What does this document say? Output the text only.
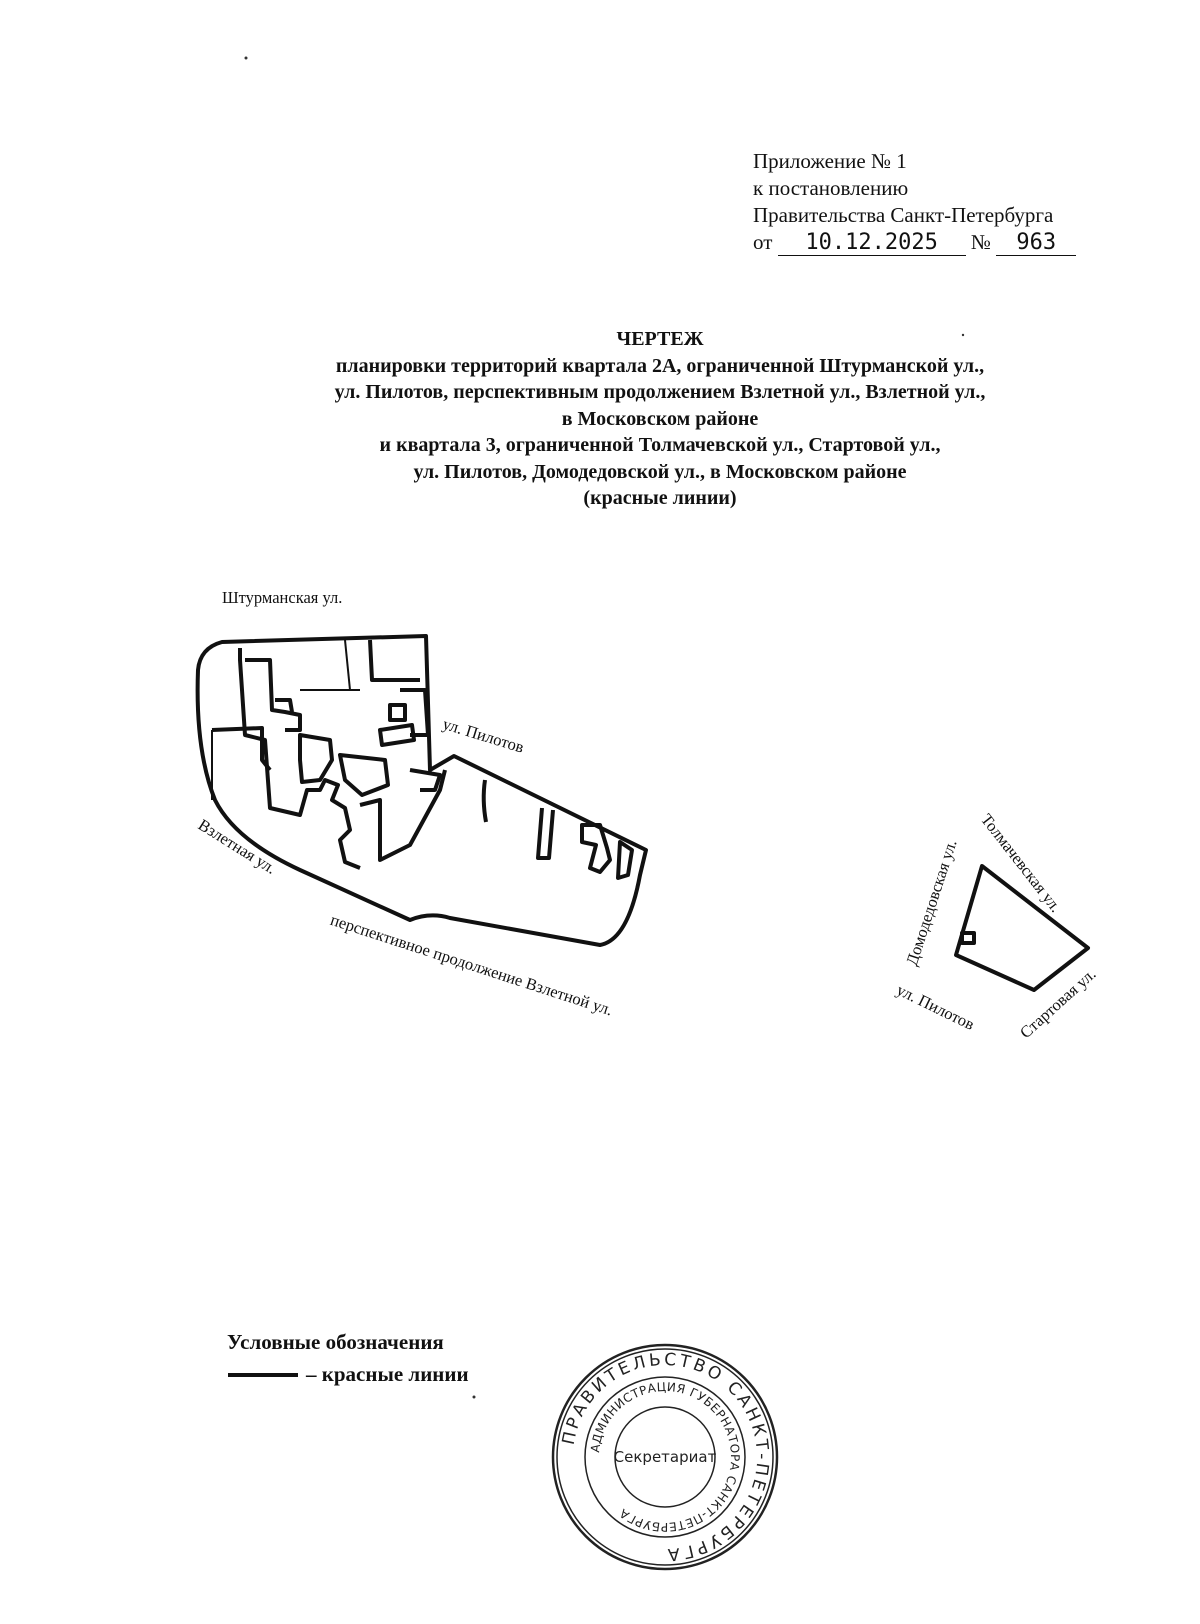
Приложение № 1
к постановлению
Правительства Санкт-Петербурга
от 10.12.2025 № 963
ЧЕРТЕЖ
планировки территорий квартала 2А, ограниченной Штурманской ул.,
ул. Пилотов, перспективным продолжением Взлетной ул., Взлетной ул.,
в Московском районе
и квартала 3, ограниченной Толмачевской ул., Стартовой ул.,
ул. Пилотов, Домодедовской ул., в Московском районе
(красные линии)
Штурманская ул.
ул. Пилотов
Взлетная ул.
перспективное продолжение Взлетной ул.	Домодедовская ул. Толмачевская ул.
ул. Пилотов Стартовая ул.
Условные обозначения
– красные линии
ПРАВИТЕЛЬСТВО САНКТ-ПЕТЕРБУРГА
АДМИНИСТРАЦИЯ ГУБЕРНАТОРА САНКТ-ПЕТЕРБУРГА
Секретариат
